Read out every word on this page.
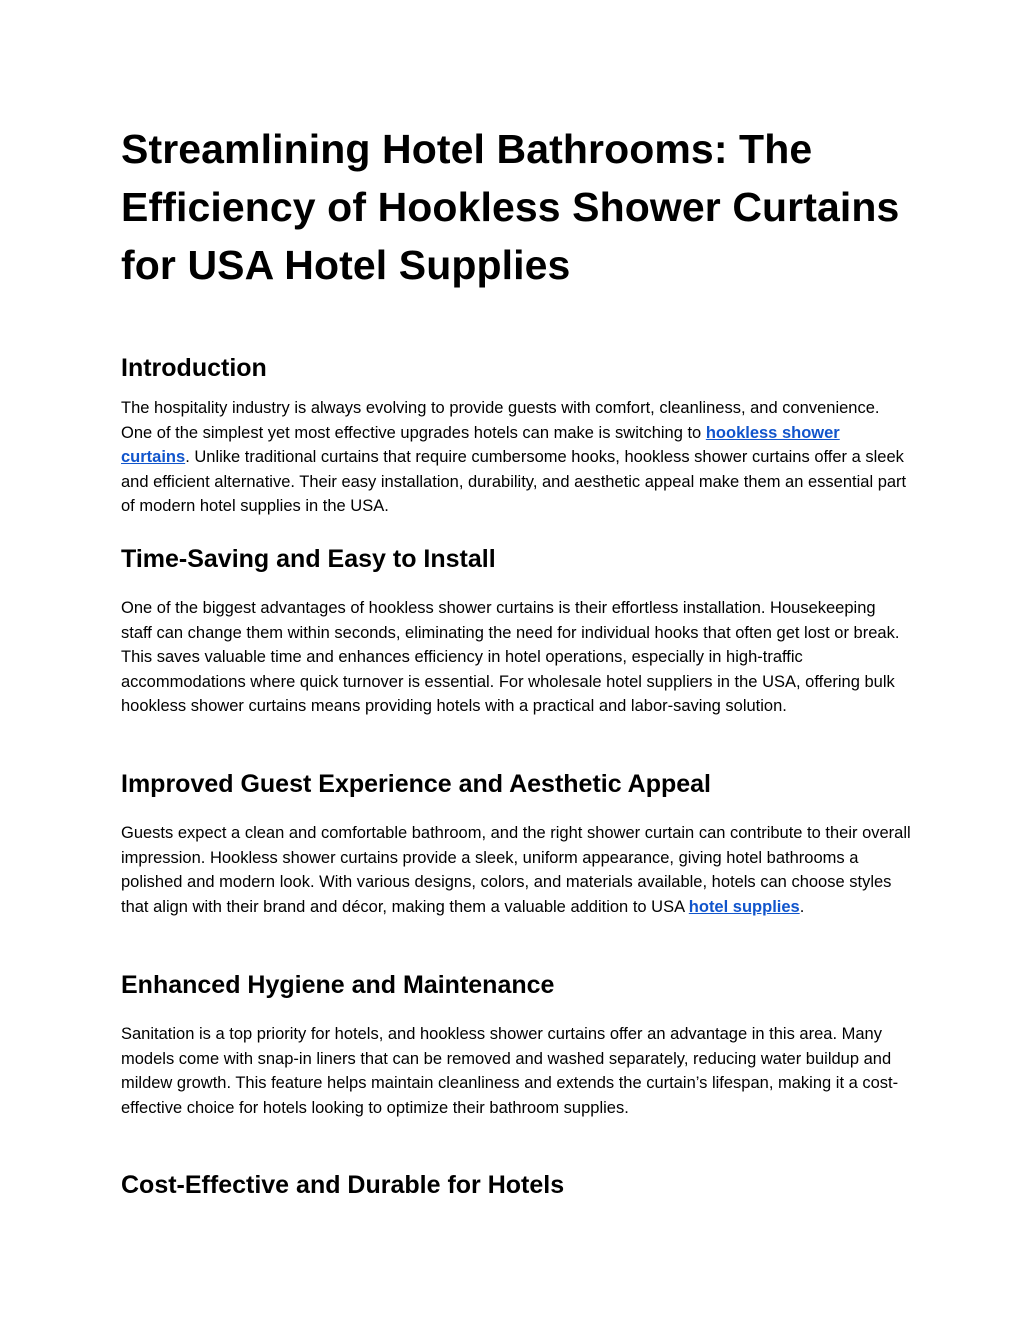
Streamlining Hotel Bathrooms: The Efficiency of Hookless Shower Curtains for USA Hotel Supplies
Introduction

The hospitality industry is always evolving to provide guests with comfort, cleanliness, and convenience. One of the simplest yet most effective upgrades hotels can make is switching to hookless shower curtains. Unlike traditional curtains that require cumbersome hooks, hookless shower curtains offer a sleek and efficient alternative. Their easy installation, durability, and aesthetic appeal make them an essential part of modern hotel supplies in the USA.

Time-Saving and Easy to Install

One of the biggest advantages of hookless shower curtains is their effortless installation. Housekeeping staff can change them within seconds, eliminating the need for individual hooks that often get lost or break. This saves valuable time and enhances efficiency in hotel operations, especially in high-traffic accommodations where quick turnover is essential. For wholesale hotel suppliers in the USA, offering bulk hookless shower curtains means providing hotels with a practical and labor-saving solution.

Improved Guest Experience and Aesthetic Appeal

Guests expect a clean and comfortable bathroom, and the right shower curtain can contribute to their overall impression. Hookless shower curtains provide a sleek, uniform appearance, giving hotel bathrooms a polished and modern look. With various designs, colors, and materials available, hotels can choose styles that align with their brand and décor, making them a valuable addition to USA hotel supplies.

Enhanced Hygiene and Maintenance

Sanitation is a top priority for hotels, and hookless shower curtains offer an advantage in this area. Many models come with snap-in liners that can be removed and washed separately, reducing water buildup and mildew growth. This feature helps maintain cleanliness and extends the curtain’s lifespan, making it a cost-effective choice for hotels looking to optimize their bathroom supplies.

Cost-Effective and Durable for Hotels
